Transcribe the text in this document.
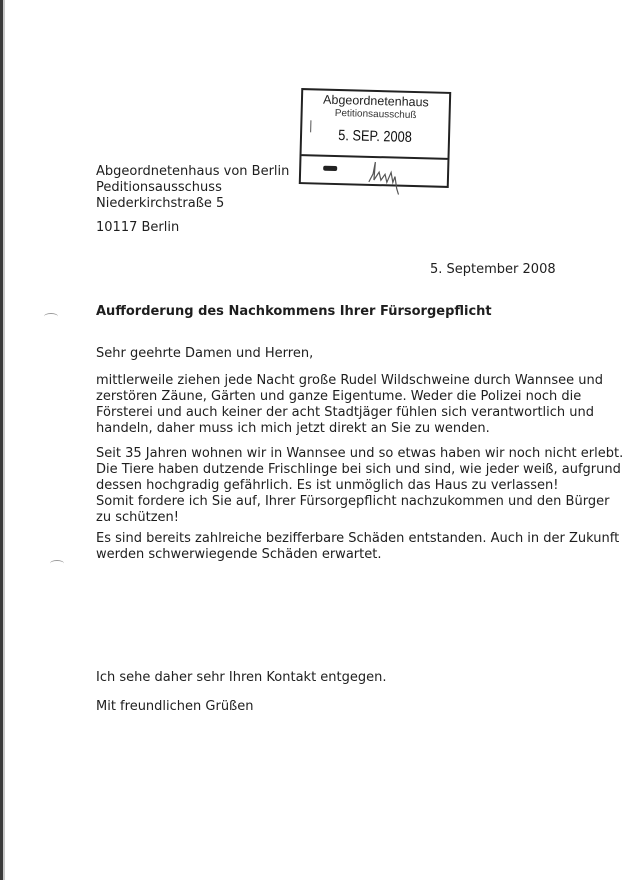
Abgeordnetenhaus
Petitionsausschuß
5. SEP. 2008
Abgeordnetenhaus von Berlin
Peditionsausschuss
Niederkirchstraße 5
10117 Berlin
5. September 2008
Aufforderung des Nachkommens Ihrer Fürsorgepflicht
Sehr geehrte Damen und Herren,
mittlerweile ziehen jede Nacht große Rudel Wildschweine durch Wannsee und
zerstören Zäune, Gärten und ganze Eigentume. Weder die Polizei noch die
Försterei und auch keiner der acht Stadtjäger fühlen sich verantwortlich und
handeln, daher muss ich mich jetzt direkt an Sie zu wenden.
Seit 35 Jahren wohnen wir in Wannsee und so etwas haben wir noch nicht erlebt.
Die Tiere haben dutzende Frischlinge bei sich und sind, wie jeder weiß, aufgrund
dessen hochgradig gefährlich. Es ist unmöglich das Haus zu verlassen!
Somit fordere ich Sie auf, Ihrer Fürsorgepflicht nachzukommen und den Bürger
zu schützen!
Es sind bereits zahlreiche bezifferbare Schäden entstanden. Auch in der Zukunft
werden schwerwiegende Schäden erwartet.
Ich sehe daher sehr Ihren Kontakt entgegen.
Mit freundlichen Grüßen
